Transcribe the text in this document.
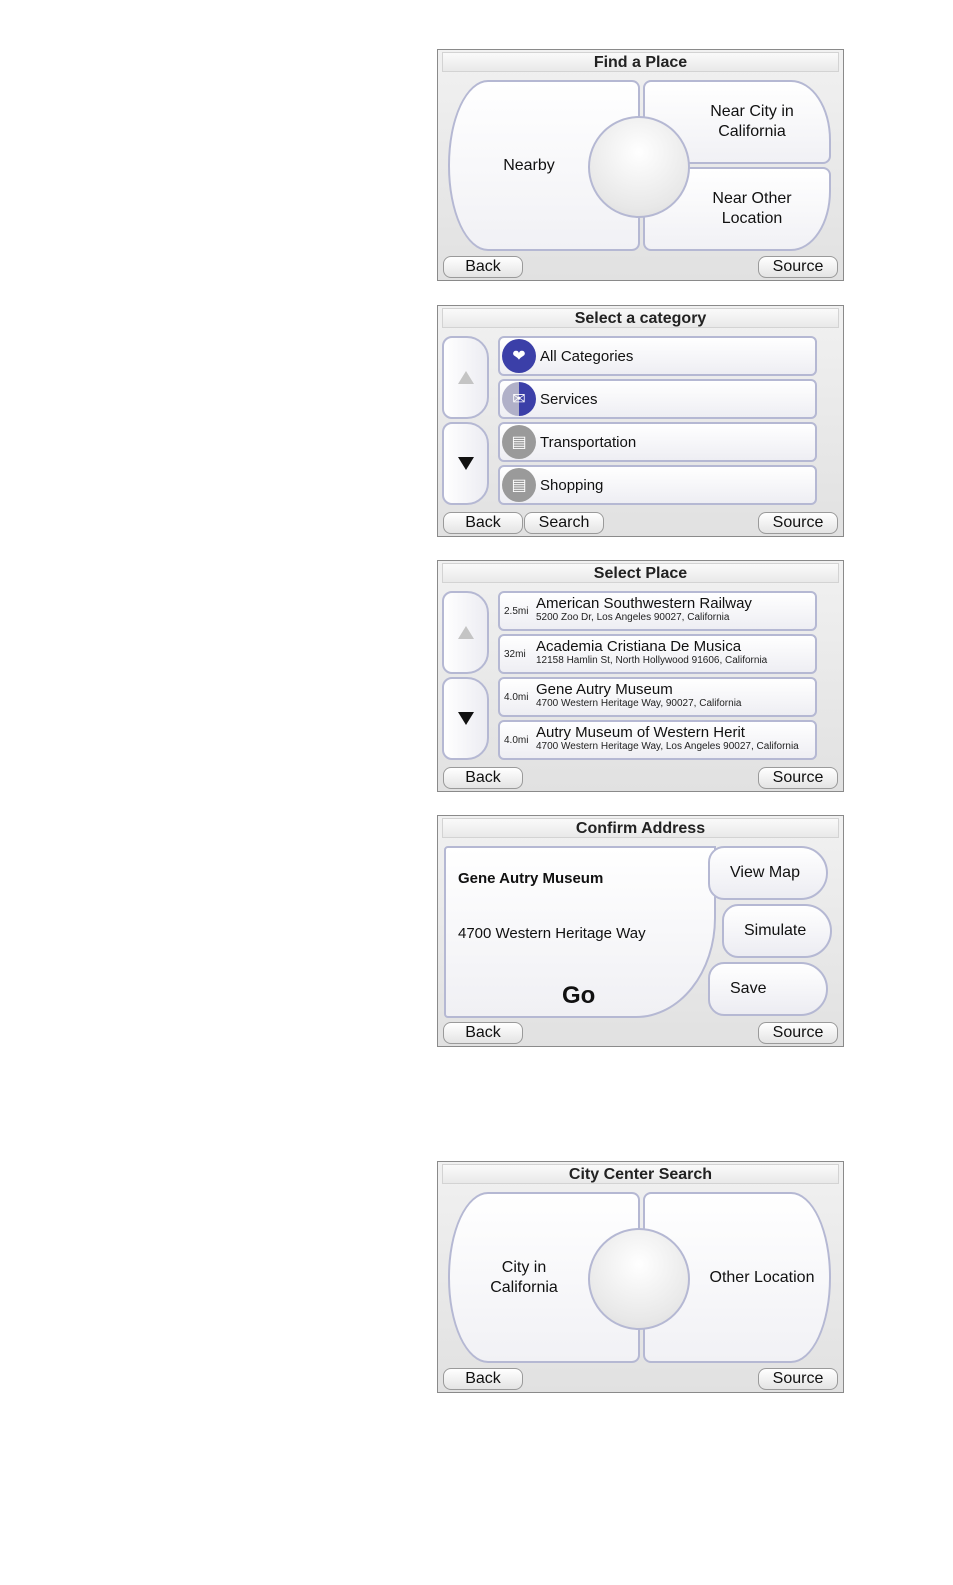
Find a Place
Nearby
Near City in California
Near Other Location
Back	Source
Select a category
❤ All Categories
✉ Services
▤ Transportation
▤ Shopping
Back	Search	Source
Select Place
2.5mi American Southwestern Railway
5200 Zoo Dr, Los Angeles 90027, California
32mi Academia Cristiana De Musica
12158 Hamlin St, North Hollywood 91606, California
4.0mi Gene Autry Museum
4700 Western Heritage Way, 90027, California
4.0mi Autry Museum of Western Herit
4700 Western Heritage Way, Los Angeles 90027, California
Back	Source
Confirm Address
Gene Autry Museum
4700 Western Heritage Way
Go
View Map
Simulate
Save
Back	Source
City Center Search
City in California
Other Location
Back	Source
